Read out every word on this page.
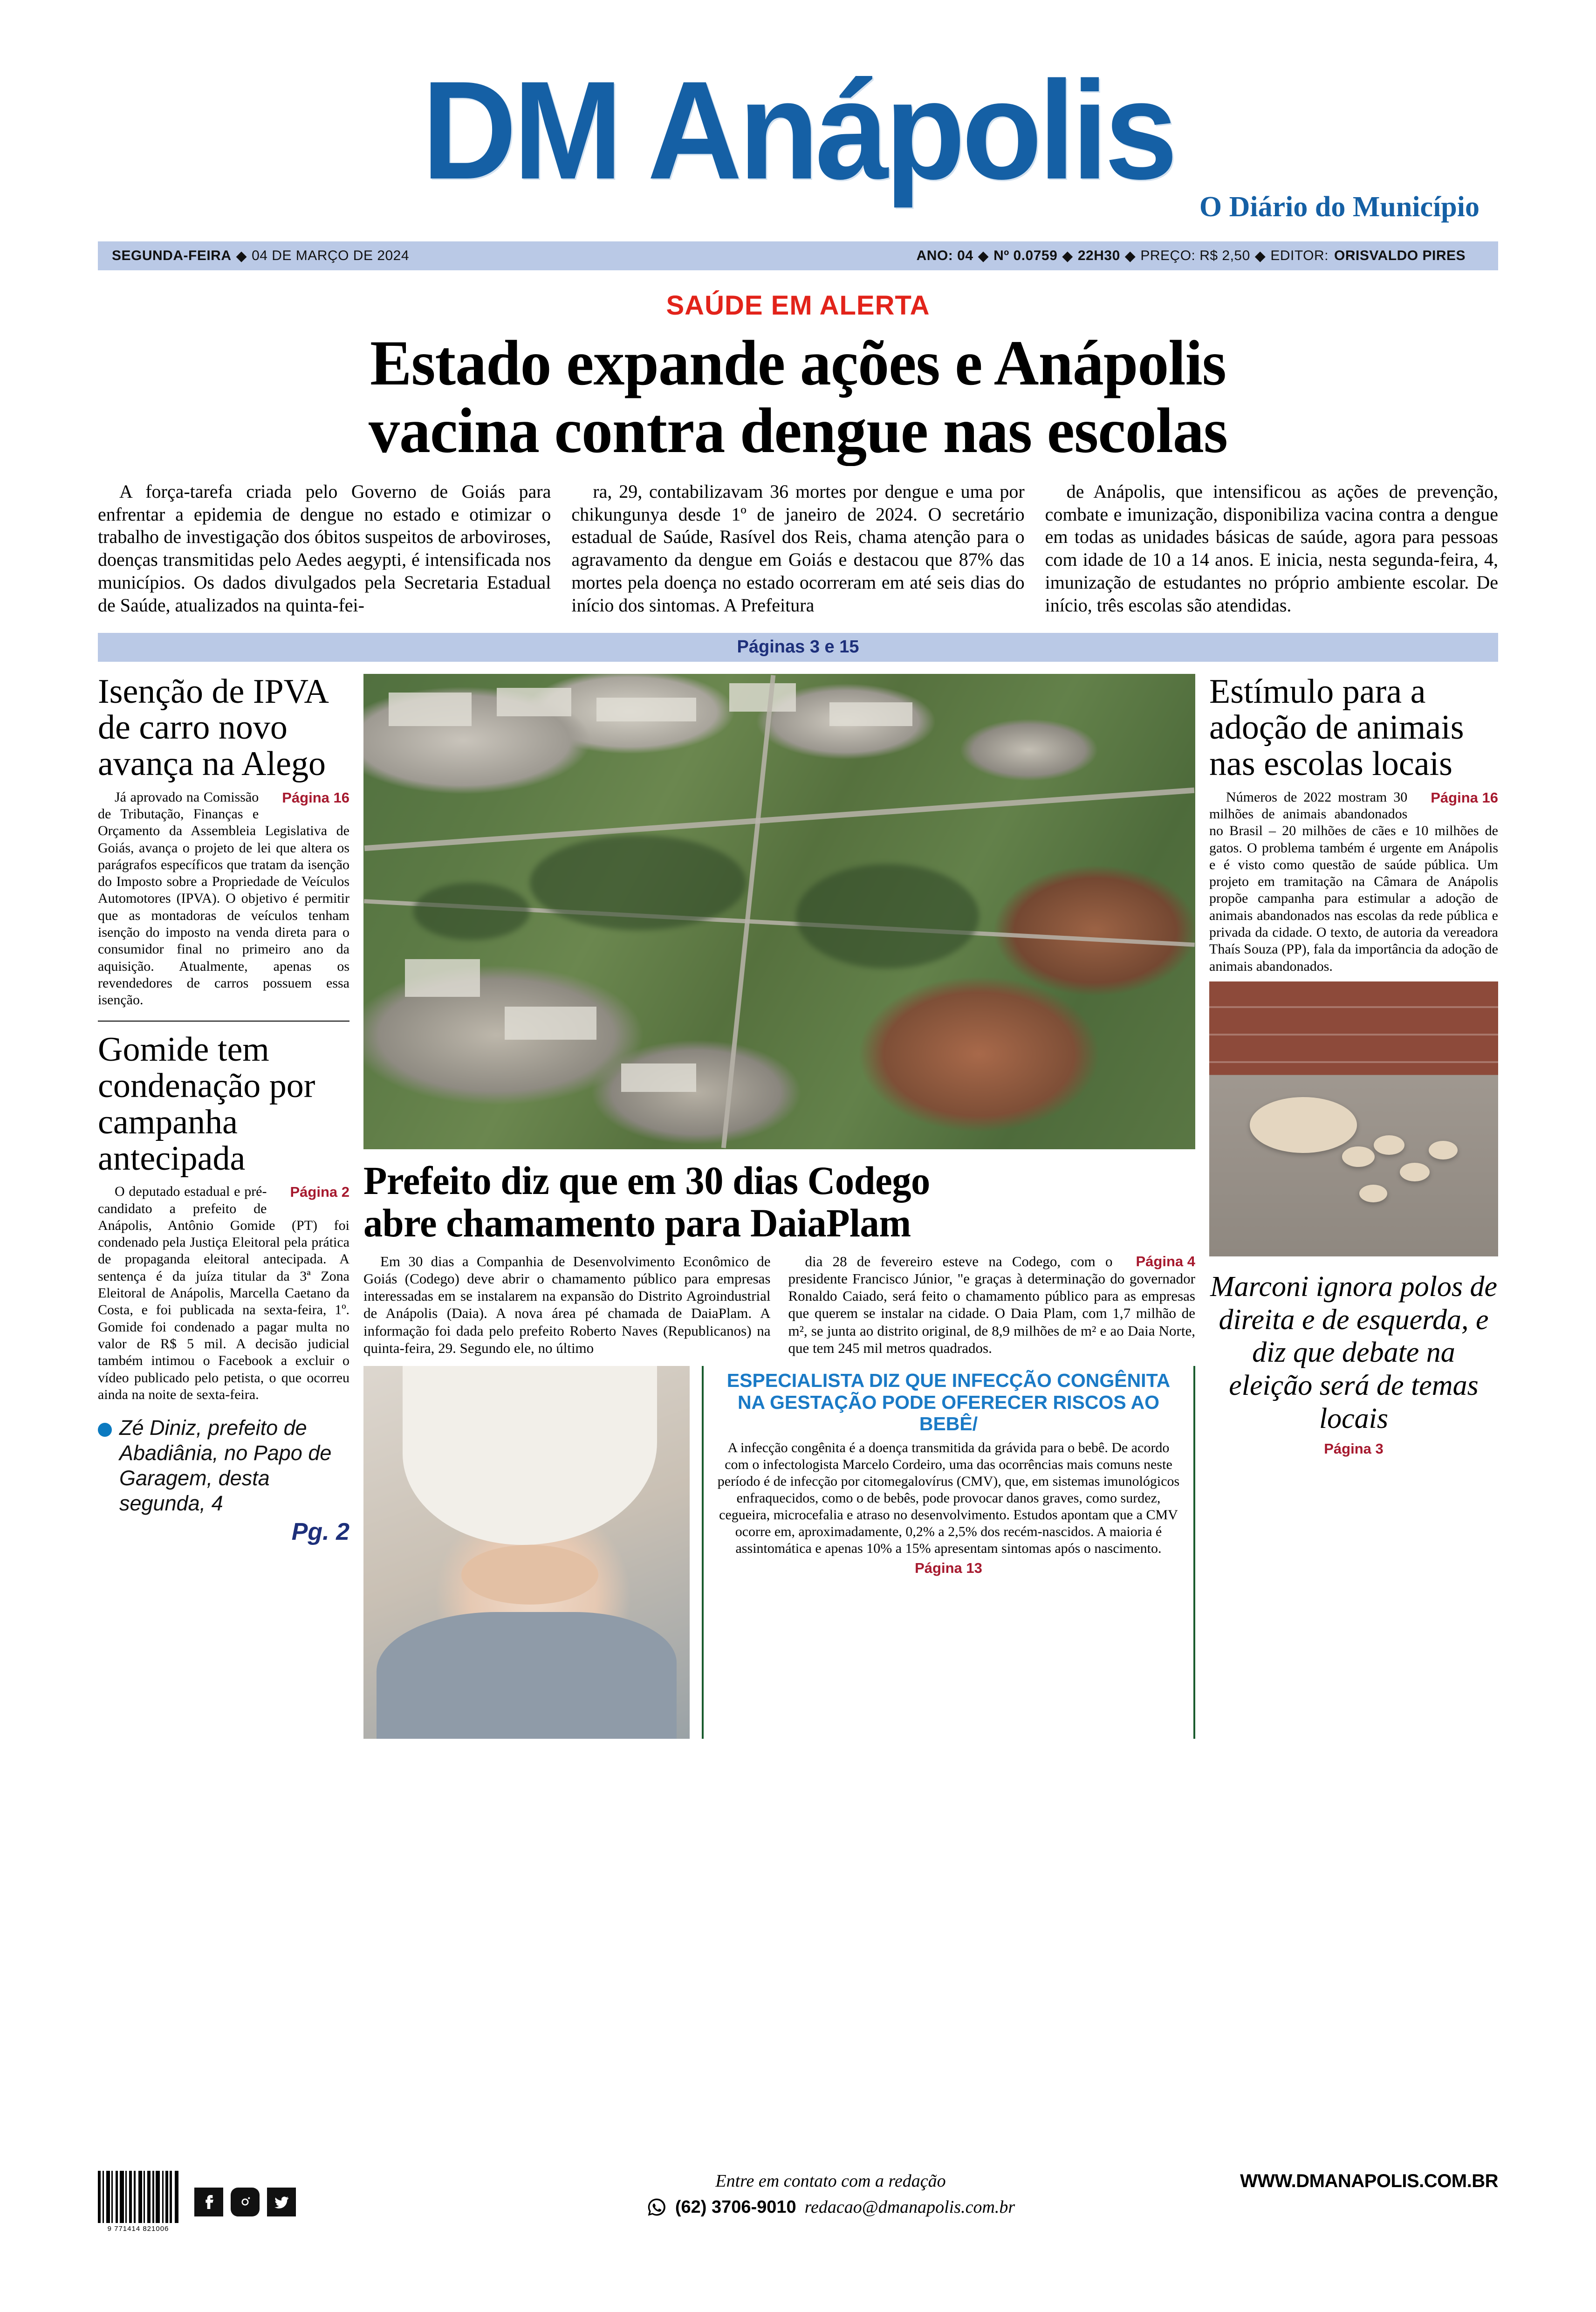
DM Anápolis O Diário do Município
SEGUNDA-FEIRA ◆ 04 DE MARÇO DE 2024	ANO: 04 ◆ Nº 0.0759 ◆ 22H30 ◆ PREÇO: R$ 2,50 ◆ EDITOR: ORISVALDO PIRES
SAÚDE EM ALERTA
Estado expande ações e Anápolis
vacina contra dengue nas escolas

A força-tarefa criada pelo Governo de Goiás para enfrentar a epidemia de dengue no estado e otimizar o trabalho de investigação dos óbitos suspeitos de arboviroses, doenças transmitidas pelo Aedes aegypti, é intensificada nos municípios. Os dados divulgados pela Secretaria Estadual de Saúde, atualizados na quinta-fei-

ra, 29, contabilizavam 36 mortes por dengue e uma por chikungunya desde 1º de janeiro de 2024. O secretário estadual de Saúde, Rasível dos Reis, chama atenção para o agravamento da dengue em Goiás e destacou que 87% das mortes pela doença no estado ocorreram em até seis dias do início dos sintomas. A Prefeitura

de Anápolis, que intensificou as ações de prevenção, combate e imunização, disponibiliza vacina contra a dengue em todas as unidades básicas de saúde, agora para pessoas com idade de 10 a 14 anos. E inicia, nesta segunda-feira, 4, imunização de estudantes no próprio ambiente escolar. De início, três escolas são atendidas.

Páginas 3 e 15
Isenção de IPVA de carro novo avança na Alego

Página 16
Já aprovado na Comissão de Tributação, Finanças e Orçamento da Assembleia Legislativa de Goiás, avança o projeto de lei que altera os parágrafos específicos que tratam da isenção do Imposto sobre a Propriedade de Veículos Automotores (IPVA). O objetivo é permitir que as montadoras de veículos tenham isenção do imposto na venda direta para o consumidor final no primeiro ano da aquisição. Atualmente, apenas os revendedores de carros possuem essa isenção.

Gomide tem condenação por campanha antecipada

Página 2
O deputado estadual e pré-candidato a prefeito de Anápolis, Antônio Gomide (PT) foi condenado pela Justiça Eleitoral pela prática de propaganda eleitoral antecipada. A sentença é da juíza titular da 3ª Zona Eleitoral de Anápolis, Marcella Caetano da Costa, e foi publicada na sexta-feira, 1º. Gomide foi condenado a pagar multa no valor de R$ 5 mil. A decisão judicial também intimou o Facebook a excluir o vídeo publicado pelo petista, o que ocorreu ainda na noite de sexta-feira.

Zé Diniz, prefeito de Abadiânia, no Papo de Garagem, desta segunda, 4
Pg. 2
Prefeito diz que em 30 dias Codego
abre chamamento para DaiaPlam

Em 30 dias a Companhia de Desenvolvimento Econômico de Goiás (Codego) deve abrir o chamamento público para empresas interessadas em se instalarem na expansão do Distrito Agroindustrial de Anápolis (Daia). A nova área pé chamada de DaiaPlam. A informação foi dada pelo prefeito Roberto Naves (Republicanos) na quinta-feira, 29. Segundo ele, no último

Página 4
dia 28 de fevereiro esteve na Codego, com o presidente Francisco Júnior, "e graças à determinação do governador Ronaldo Caiado, será feito o chamamento público para as empresas que querem se instalar na cidade. O Daia Plam, com 1,7 milhão de m², se junta ao distrito original, de 8,9 milhões de m² e ao Daia Norte, que tem 245 mil metros quadrados.

ESPECIALISTA DIZ QUE INFECÇÃO CONGÊNITA NA GESTAÇÃO PODE OFERECER RISCOS AO BEBÊ/

A infecção congênita é a doença transmitida da grávida para o bebê. De acordo com o infectologista Marcelo Cordeiro, uma das ocorrências mais comuns neste período é de infecção por citomegalovírus (CMV), que, em sistemas imunológicos enfraquecidos, como o de bebês, pode provocar danos graves, como surdez, cegueira, microcefalia e atraso no desenvolvimento. Estudos apontam que a CMV ocorre em, aproximadamente, 0,2% a 2,5% dos recém-nascidos. A maioria é assintomática e apenas 10% a 15% apresentam sintomas após o nascimento.

Página 13
Estímulo para a adoção de animais nas escolas locais

Página 16
Números de 2022 mostram 30 milhões de animais abandonados no Brasil – 20 milhões de cães e 10 milhões de gatos. O problema também é urgente em Anápolis e é visto como questão de saúde pública. Um projeto em tramitação na Câmara de Anápolis propõe campanha para estimular a adoção de animais abandonados nas escolas da rede pública e privada da cidade. O texto, de autoria da vereadora Thaís Souza (PP), fala da importância da adoção de animais abandonados.

Marconi ignora polos de direita e de esquerda, e diz que debate na eleição será de temas locais
Página 3
9 771414 821006
Entre em contato com a redação
(62) 3706-9010 redacao@dmanapolis.com.br
WWW.DMANAPOLIS.COM.BR
